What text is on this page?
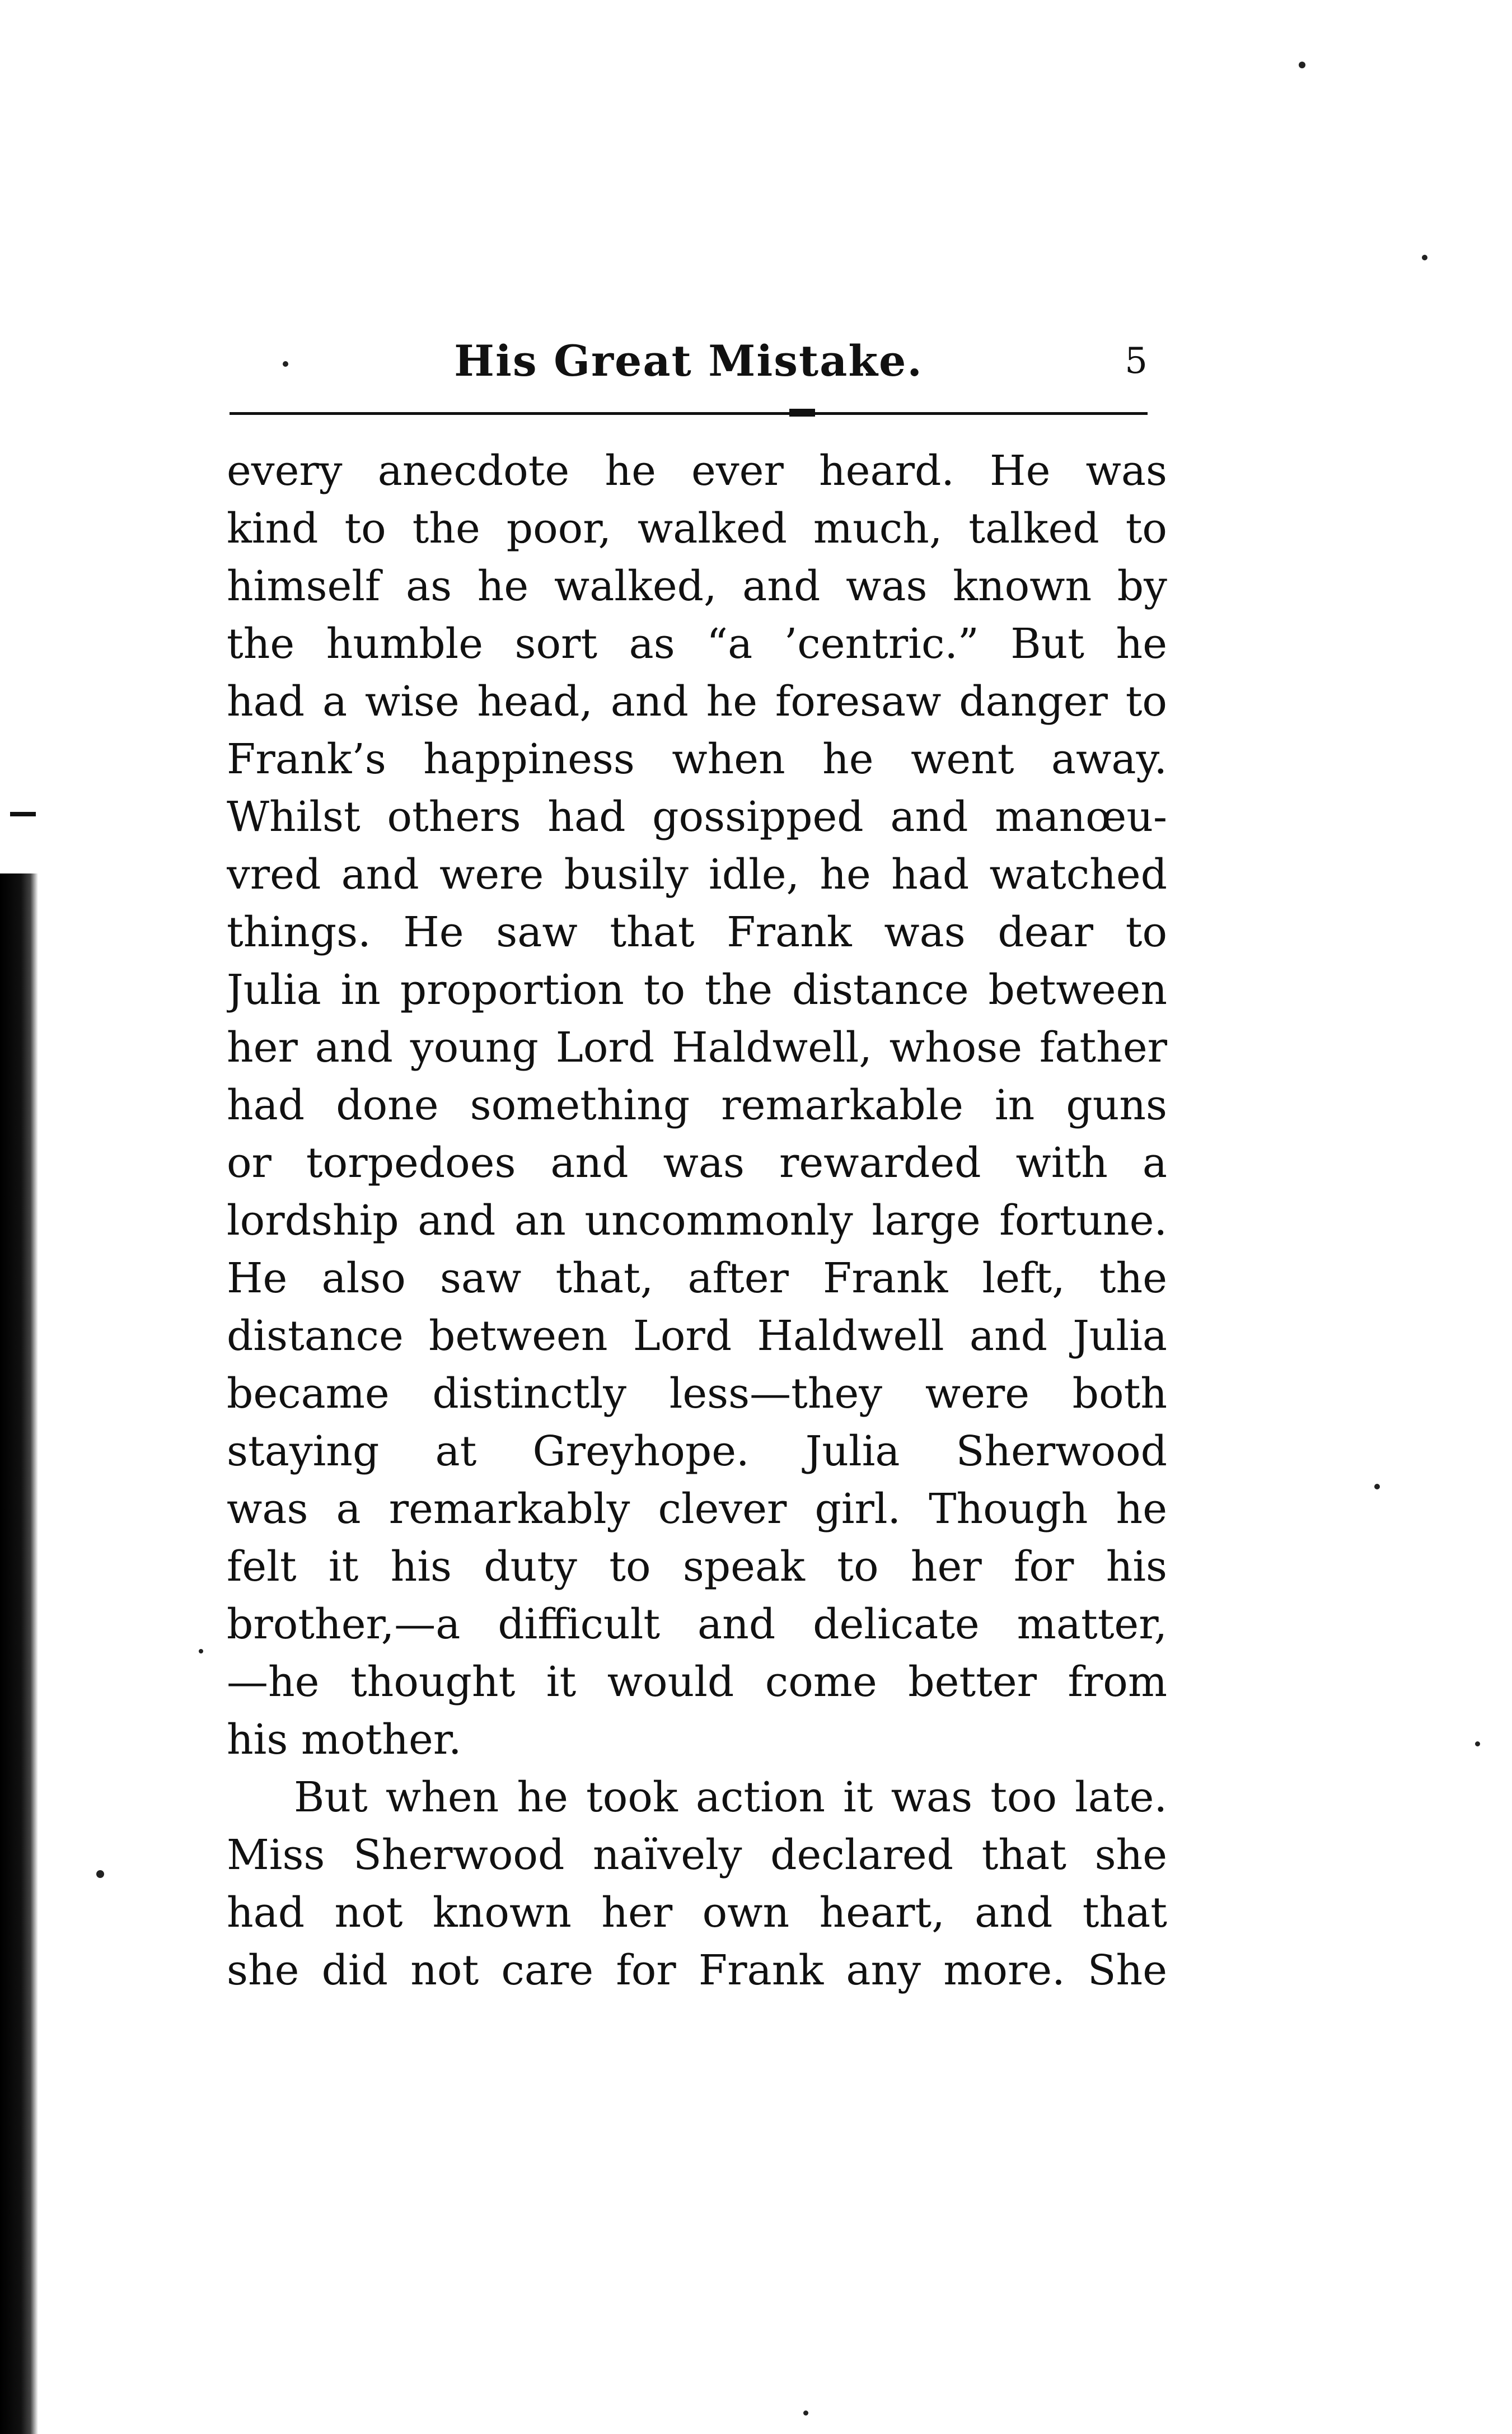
His Great Mistake.	5
every anecdote he ever heard. He was
kind to the poor, walked much, talked to
himself as he walked, and was known by
the humble sort as “a ’centric.” But he
had a wise head, and he foresaw danger to
Frank’s happiness when he went away.
Whilst others had gossipped and manœu-
vred and were busily idle, he had watched
things. He saw that Frank was dear to
Julia in proportion to the distance between
her and young Lord Haldwell, whose father
had done something remarkable in guns
or torpedoes and was rewarded with a
lordship and an uncommonly large fortune.
He also saw that, after Frank left, the
distance between Lord Haldwell and Julia
became distinctly less—they were both
staying at Greyhope. Julia Sherwood
was a remarkably clever girl. Though he
felt it his duty to speak to her for his
brother,—a difficult and delicate matter,
—he thought it would come better from
his mother.
But when he took action it was too late.
Miss Sherwood naïvely declared that she
had not known her own heart, and that
she did not care for Frank any more. She
